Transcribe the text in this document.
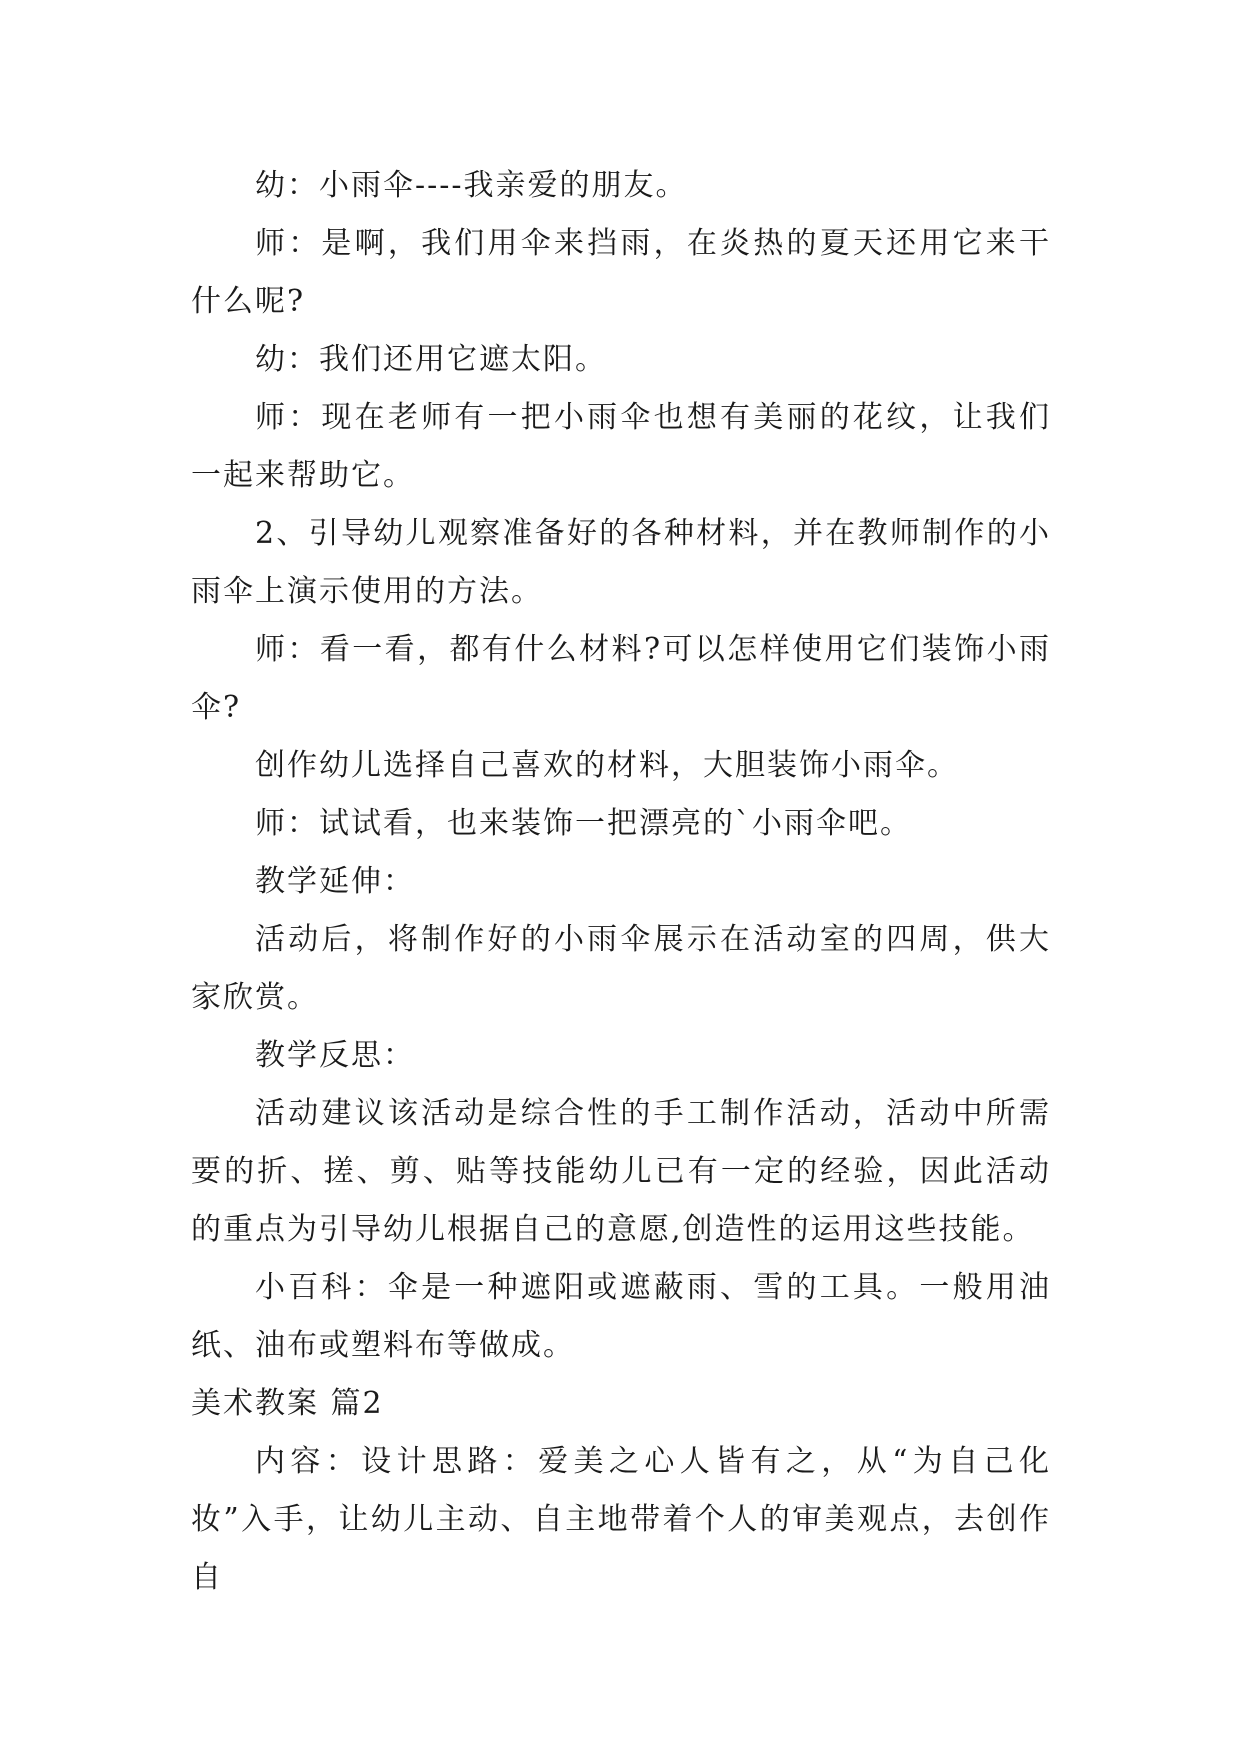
幼：小雨伞----我亲爱的朋友。

师：是啊，我们用伞来挡雨，在炎热的夏天还用它来干什么呢?

幼：我们还用它遮太阳。

师：现在老师有一把小雨伞也想有美丽的花纹，让我们一起来帮助它。

2、引导幼儿观察准备好的各种材料，并在教师制作的小雨伞上演示使用的方法。

师：看一看，都有什么材料?可以怎样使用它们装饰小雨伞?

创作幼儿选择自己喜欢的材料，大胆装饰小雨伞。

师：试试看，也来装饰一把漂亮的`小雨伞吧。

教学延伸：

活动后，将制作好的小雨伞展示在活动室的四周，供大家欣赏。

教学反思：

活动建议该活动是综合性的手工制作活动，活动中所需要的折、搓、剪、贴等技能幼儿已有一定的经验，因此活动的重点为引导幼儿根据自己的意愿,创造性的运用这些技能。

小百科：伞是一种遮阳或遮蔽雨、雪的工具。一般用油纸、油布或塑料布等做成。

美术教案 篇2

内容：设计思路：爱美之心人皆有之，从“为自己化妆”入手，让幼儿主动、自主地带着个人的审美观点，去创作自
